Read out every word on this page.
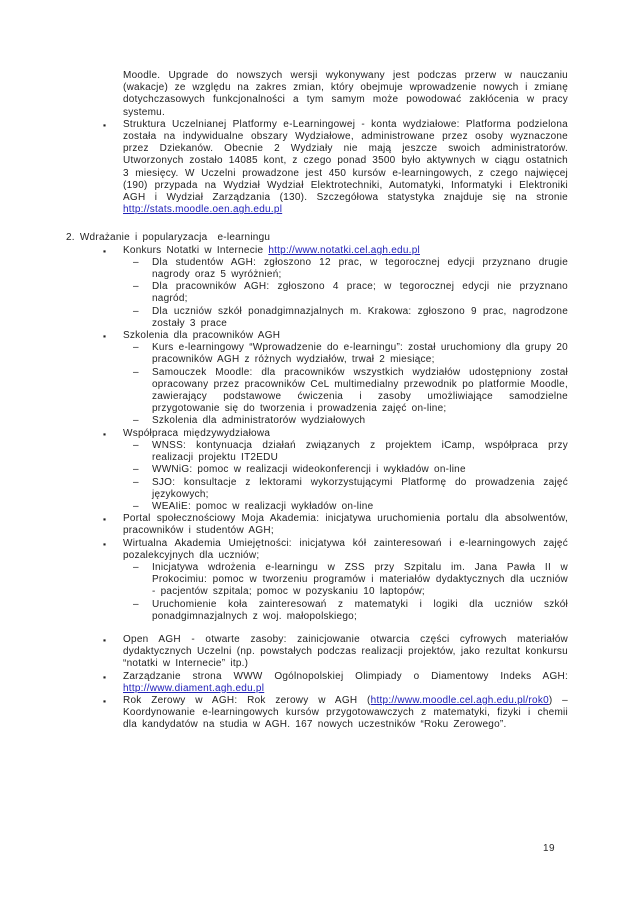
Moodle. Upgrade do nowszych wersji wykonywany jest podczas przerw w nauczaniu (wakacje) ze względu na zakres zmian, który obejmuje wprowadzenie nowych i zmianę dotychczasowych funkcjonalności a tym samym może powodować zakłócenia w pracy systemu.
▪ Struktura Uczelnianej Platformy e-Learningowej - konta wydziałowe: Platforma podzielona została na indywidualne obszary Wydziałowe, administrowane przez osoby wyznaczone przez Dziekanów. Obecnie 2 Wydziały nie mają jeszcze swoich administratorów. Utworzonych zostało 14085 kont, z czego ponad 3500 było aktywnych w ciągu ostatnich 3 miesięcy. W Uczelni prowadzone jest 450 kursów e-learningowych, z czego najwięcej (190) przypada na Wydział Wydział Elektrotechniki, Automatyki, Informatyki i Elektroniki AGH i Wydział Zarządzania (130). Szczegółowa statystyka znajduje się na stronie http://stats.moodle.oen.agh.edu.pl
2. Wdrażanie i popularyzacja  e-learningu
▪ Konkurs Notatki w Internecie http://www.notatki.cel.agh.edu.pl
– Dla studentów AGH: zgłoszono 12 prac, w tegorocznej edycji przyznano drugie nagrody oraz 5 wyróżnień;
– Dla pracowników AGH: zgłoszono 4 prace; w tegorocznej edycji nie przyznano nagród;
– Dla uczniów szkół ponadgimnazjalnych m. Krakowa: zgłoszono 9 prac, nagrodzone zostały 3 prace
▪ Szkolenia dla pracowników AGH
– Kurs e-learningowy “Wprowadzenie do e-learningu”: został uruchomiony dla grupy 20 pracowników AGH z różnych wydziałów, trwał 2 miesiące;
– Samouczek Moodle: dla pracowników wszystkich wydziałów udostępniony został opracowany przez pracowników CeL multimedialny przewodnik po platformie Moodle, zawierający podstawowe ćwiczenia i zasoby umożliwiające samodzielne przygotowanie się do tworzenia i prowadzenia zajęć on-line;
– Szkolenia dla administratorów wydziałowych
▪ Współpraca międzywydziałowa
– WNSS: kontynuacja działań związanych z projektem iCamp, współpraca przy realizacji projektu IT2EDU
– WWNiG: pomoc w realizacji wideokonferencji i wykładów on-line
– SJO: konsultacje z lektorami wykorzystującymi Platformę do prowadzenia zajęć językowych;
– WEAIiE: pomoc w realizacji wykładów on-line
▪ Portal społecznościowy Moja Akademia: inicjatywa uruchomienia portalu dla absolwentów, pracowników i studentów AGH;
▪ Wirtualna Akademia Umiejętności: inicjatywa kół zainteresowań i e-learningowych zajęć pozalekcyjnych dla uczniów;
– Inicjatywa wdrożenia e-learningu w ZSS przy Szpitalu im. Jana Pawła II w Prokocimiu: pomoc w tworzeniu programów i materiałów dydaktycznych dla uczniów - pacjentów szpitala; pomoc w pozyskaniu 10 laptopów;
– Uruchomienie koła zainteresowań z matematyki i logiki dla uczniów szkół ponadgimnazjalnych z woj. małopolskiego;
▪ Open AGH - otwarte zasoby: zainicjowanie otwarcia części cyfrowych materiałów dydaktycznych Uczelni (np. powstałych podczas realizacji projektów, jako rezultat konkursu “notatki w Internecie” itp.)
▪ Zarządzanie strona WWW Ogólnopolskiej Olimpiady o Diamentowy Indeks AGH: http://www.diament.agh.edu.pl
▪ Rok Zerowy w AGH: Rok zerowy w AGH (http://www.moodle.cel.agh.edu.pl/rok0) – Koordynowanie e-learningowych kursów przygotowawczych z matematyki, fizyki i chemii dla kandydatów na studia w AGH. 167 nowych uczestników “Roku Zerowego”.
19
